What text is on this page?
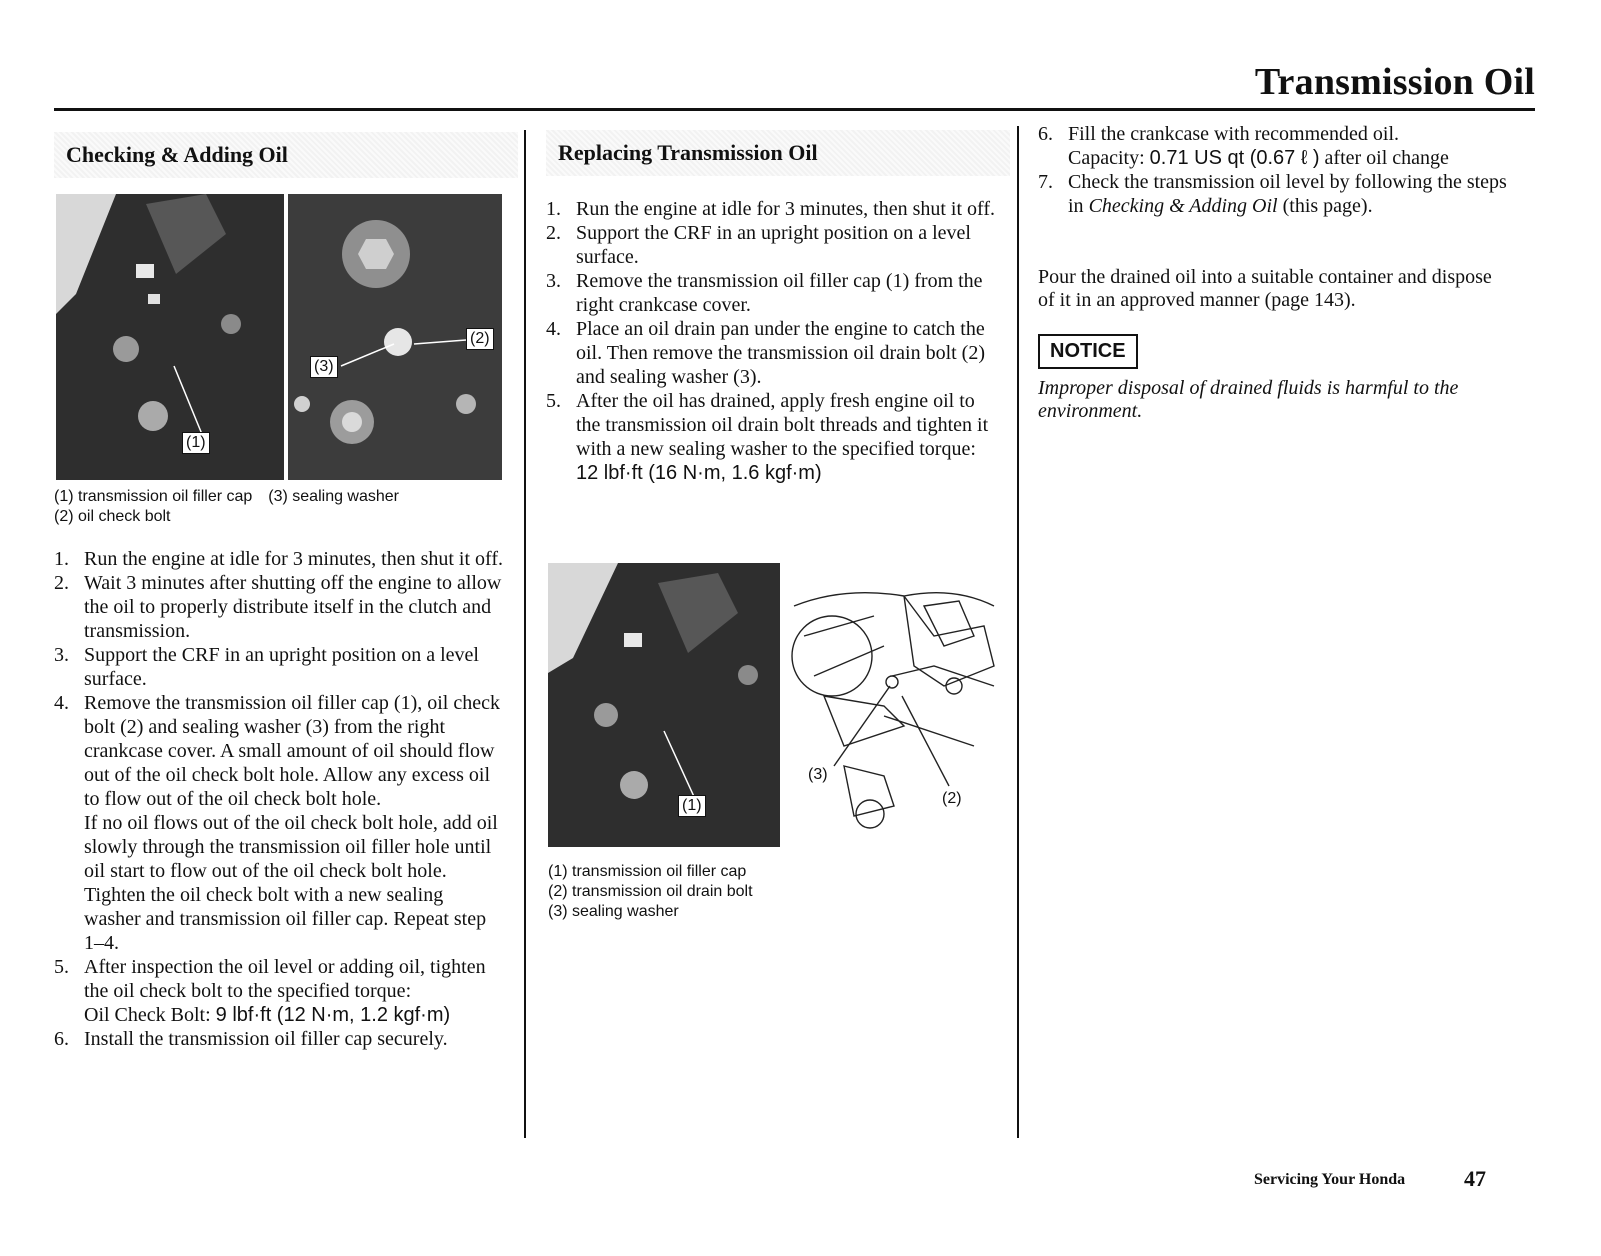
Transmission Oil
Checking & Adding Oil
(1)
(2)
(3)
(1) transmission oil filler cap (3) sealing washer
(2) oil check bolt
1. Run the engine at idle for 3 minutes, then shut it off.
2. Wait 3 minutes after shutting off the engine to allow the oil to properly distribute itself in the clutch and transmission.
3. Support the CRF in an upright position on a level surface.
4. Remove the transmission oil filler cap (1), oil check bolt (2) and sealing washer (3) from the right crankcase cover. A small amount of oil should flow out of the oil check bolt hole. Allow any excess oil to flow out of the oil check bolt hole.
If no oil flows out of the oil check bolt hole, add oil slowly through the transmission oil filler hole until oil start to flow out of the oil check bolt hole.
Tighten the oil check bolt with a new sealing washer and transmission oil filler cap. Repeat step 1–4.
5. After inspection the oil level or adding oil, tighten the oil check bolt to the specified torque:
Oil Check Bolt: 9 lbf·ft (12 N·m, 1.2 kgf·m)
6. Install the transmission oil filler cap securely.
Replacing Transmission Oil
1. Run the engine at idle for 3 minutes, then shut it off.
2. Support the CRF in an upright position on a level surface.
3. Remove the transmission oil filler cap (1) from the right crankcase cover.
4. Place an oil drain pan under the engine to catch the oil. Then remove the transmission oil drain bolt (2) and sealing washer (3).
5. After the oil has drained, apply fresh engine oil to the transmission oil drain bolt threads and tighten it with a new sealing washer to the specified torque:
12 lbf·ft (16 N·m, 1.6 kgf·m)
(1)
(3)
(2)
(1) transmission oil filler cap
(2) transmission oil drain bolt
(3) sealing washer
6. Fill the crankcase with recommended oil.
Capacity: 0.71 US qt (0.67 ℓ ) after oil change
7. Check the transmission oil level by following the steps in Checking & Adding Oil (this page).
Pour the drained oil into a suitable container and dispose of it in an approved manner (page 143).
NOTICE
Improper disposal of drained fluids is harmful to the environment.
Servicing Your Honda	47
